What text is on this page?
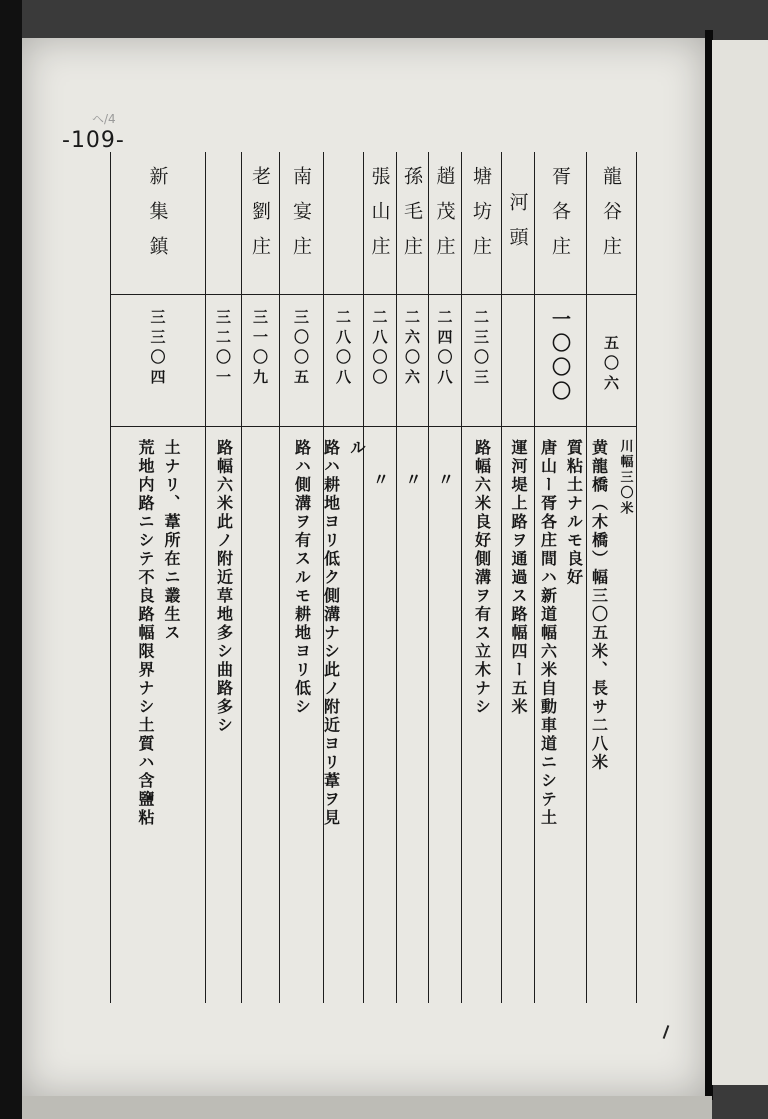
ヘ/4
-109-
龍谷庄	胥各庄	河頭	塘坊庄	趙茂庄	孫毛庄	張山庄		南宴庄	老劉庄		新集鎮
五〇六	一〇〇〇		二三〇三	二四〇八	二六〇六	二八〇〇	二八〇八	三〇〇五	三一〇九	三二〇一	三三〇四

黄龍橋（木橋）幅三〇五米、長サ二八米 川幅三〇米	唐山ー胥各庄間ハ新道幅六米自動車道ニシテ土 質粘土ナルモ良好	運河堤上路ヲ通過ス路幅四ー五米	路幅六米良好側溝ヲ有ス立木ナシ	〃	〃	〃	路ハ耕地ヨリ低ク側溝ナシ此ノ附近ヨリ葦ヲ見 ル	路ハ側溝ヲ有スルモ耕地ヨリ低シ		路幅六米此ノ附近草地多シ曲路多シ	荒地内路ニシテ不良路幅限界ナシ土質ハ含鹽粘 土ナリ、葦所在ニ叢生ス
